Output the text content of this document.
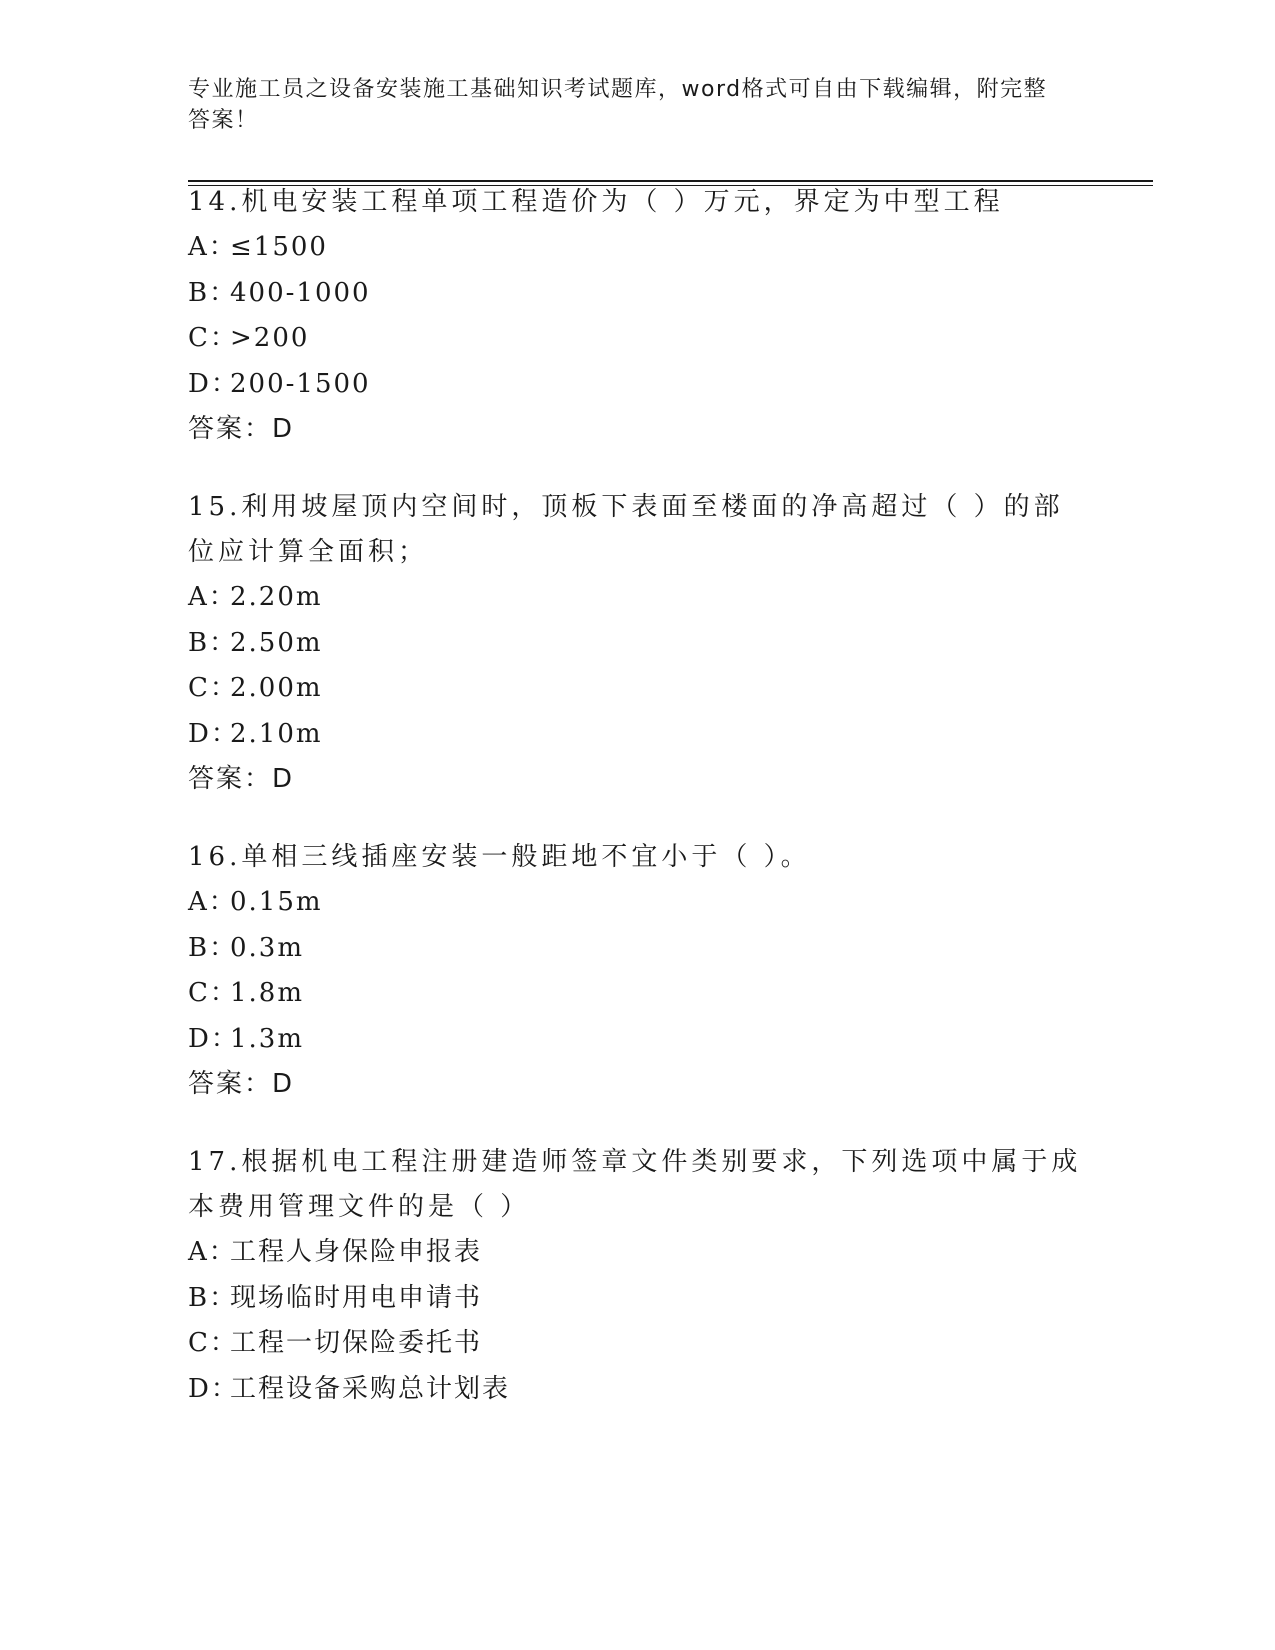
专业施工员之设备安装施工基础知识考试题库，word格式可自由下载编辑，附完整答案！

14.机电安装工程单项工程造价为（ ）万元，界定为中型工程

A：≤1500

B：400-1000

C：>200

D：200-1500

答案：D

15.利用坡屋顶内空间时，顶板下表面至楼面的净高超过（ ）的部位应计算全面积；

A：2.20m

B：2.50m

C：2.00m

D：2.10m

答案：D

16.单相三线插座安装一般距地不宜小于（ ）。

A：0.15m

B：0.3m

C：1.8m

D：1.3m

答案：D

17.根据机电工程注册建造师签章文件类别要求，下列选项中属于成本费用管理文件的是（ ）

A：工程人身保险申报表

B：现场临时用电申请书

C：工程一切保险委托书

D：工程设备采购总计划表
